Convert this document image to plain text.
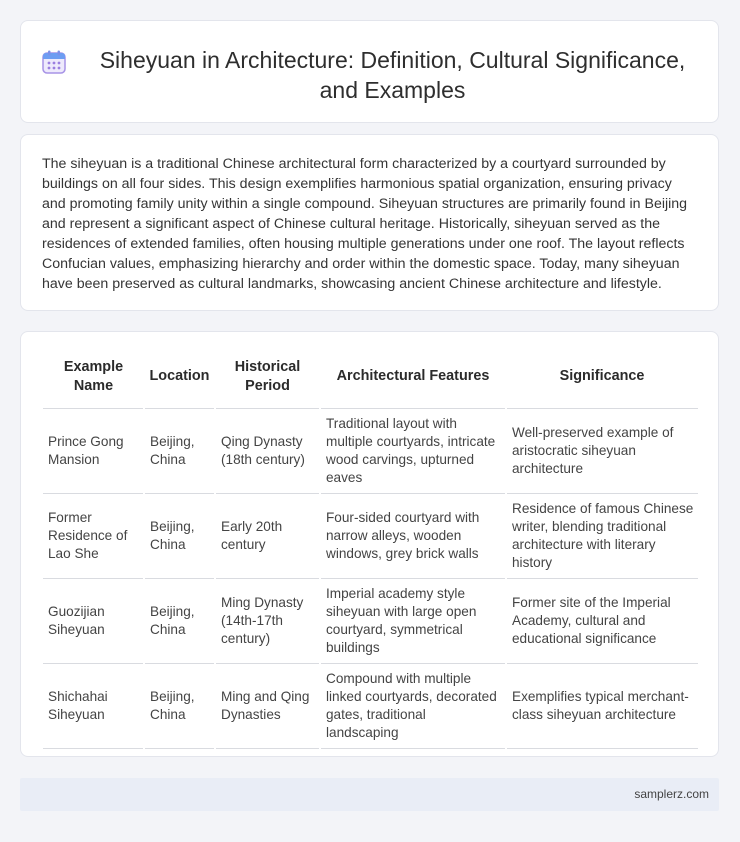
Siheyuan in Architecture: Definition, Cultural Significance, and Examples

The siheyuan is a traditional Chinese architectural form characterized by a courtyard surrounded by buildings on all four sides. This design exemplifies harmonious spatial organization, ensuring privacy and promoting family unity within a single compound. Siheyuan structures are primarily found in Beijing and represent a significant aspect of Chinese cultural heritage. Historically, siheyuan served as the residences of extended families, often housing multiple generations under one roof. The layout reflects Confucian values, emphasizing hierarchy and order within the domestic space. Today, many siheyuan have been preserved as cultural landmarks, showcasing ancient Chinese architecture and lifestyle.

Example Name	Location	Historical Period	Architectural Features	Significance
Prince Gong Mansion	Beijing, China	Qing Dynasty (18th century)	Traditional layout with multiple courtyards, intricate wood carvings, upturned eaves	Well-preserved example of aristocratic siheyuan architecture
Former Residence of Lao She	Beijing, China	Early 20th century	Four-sided courtyard with narrow alleys, wooden windows, grey brick walls	Residence of famous Chinese writer, blending traditional architecture with literary history
Guozijian Siheyuan	Beijing, China	Ming Dynasty (14th-17th century)	Imperial academy style siheyuan with large open courtyard, symmetrical buildings	Former site of the Imperial Academy, cultural and educational significance
Shichahai Siheyuan	Beijing, China	Ming and Qing Dynasties	Compound with multiple linked courtyards, decorated gates, traditional landscaping	Exemplifies typical merchant-class siheyuan architecture
samplerz.com
